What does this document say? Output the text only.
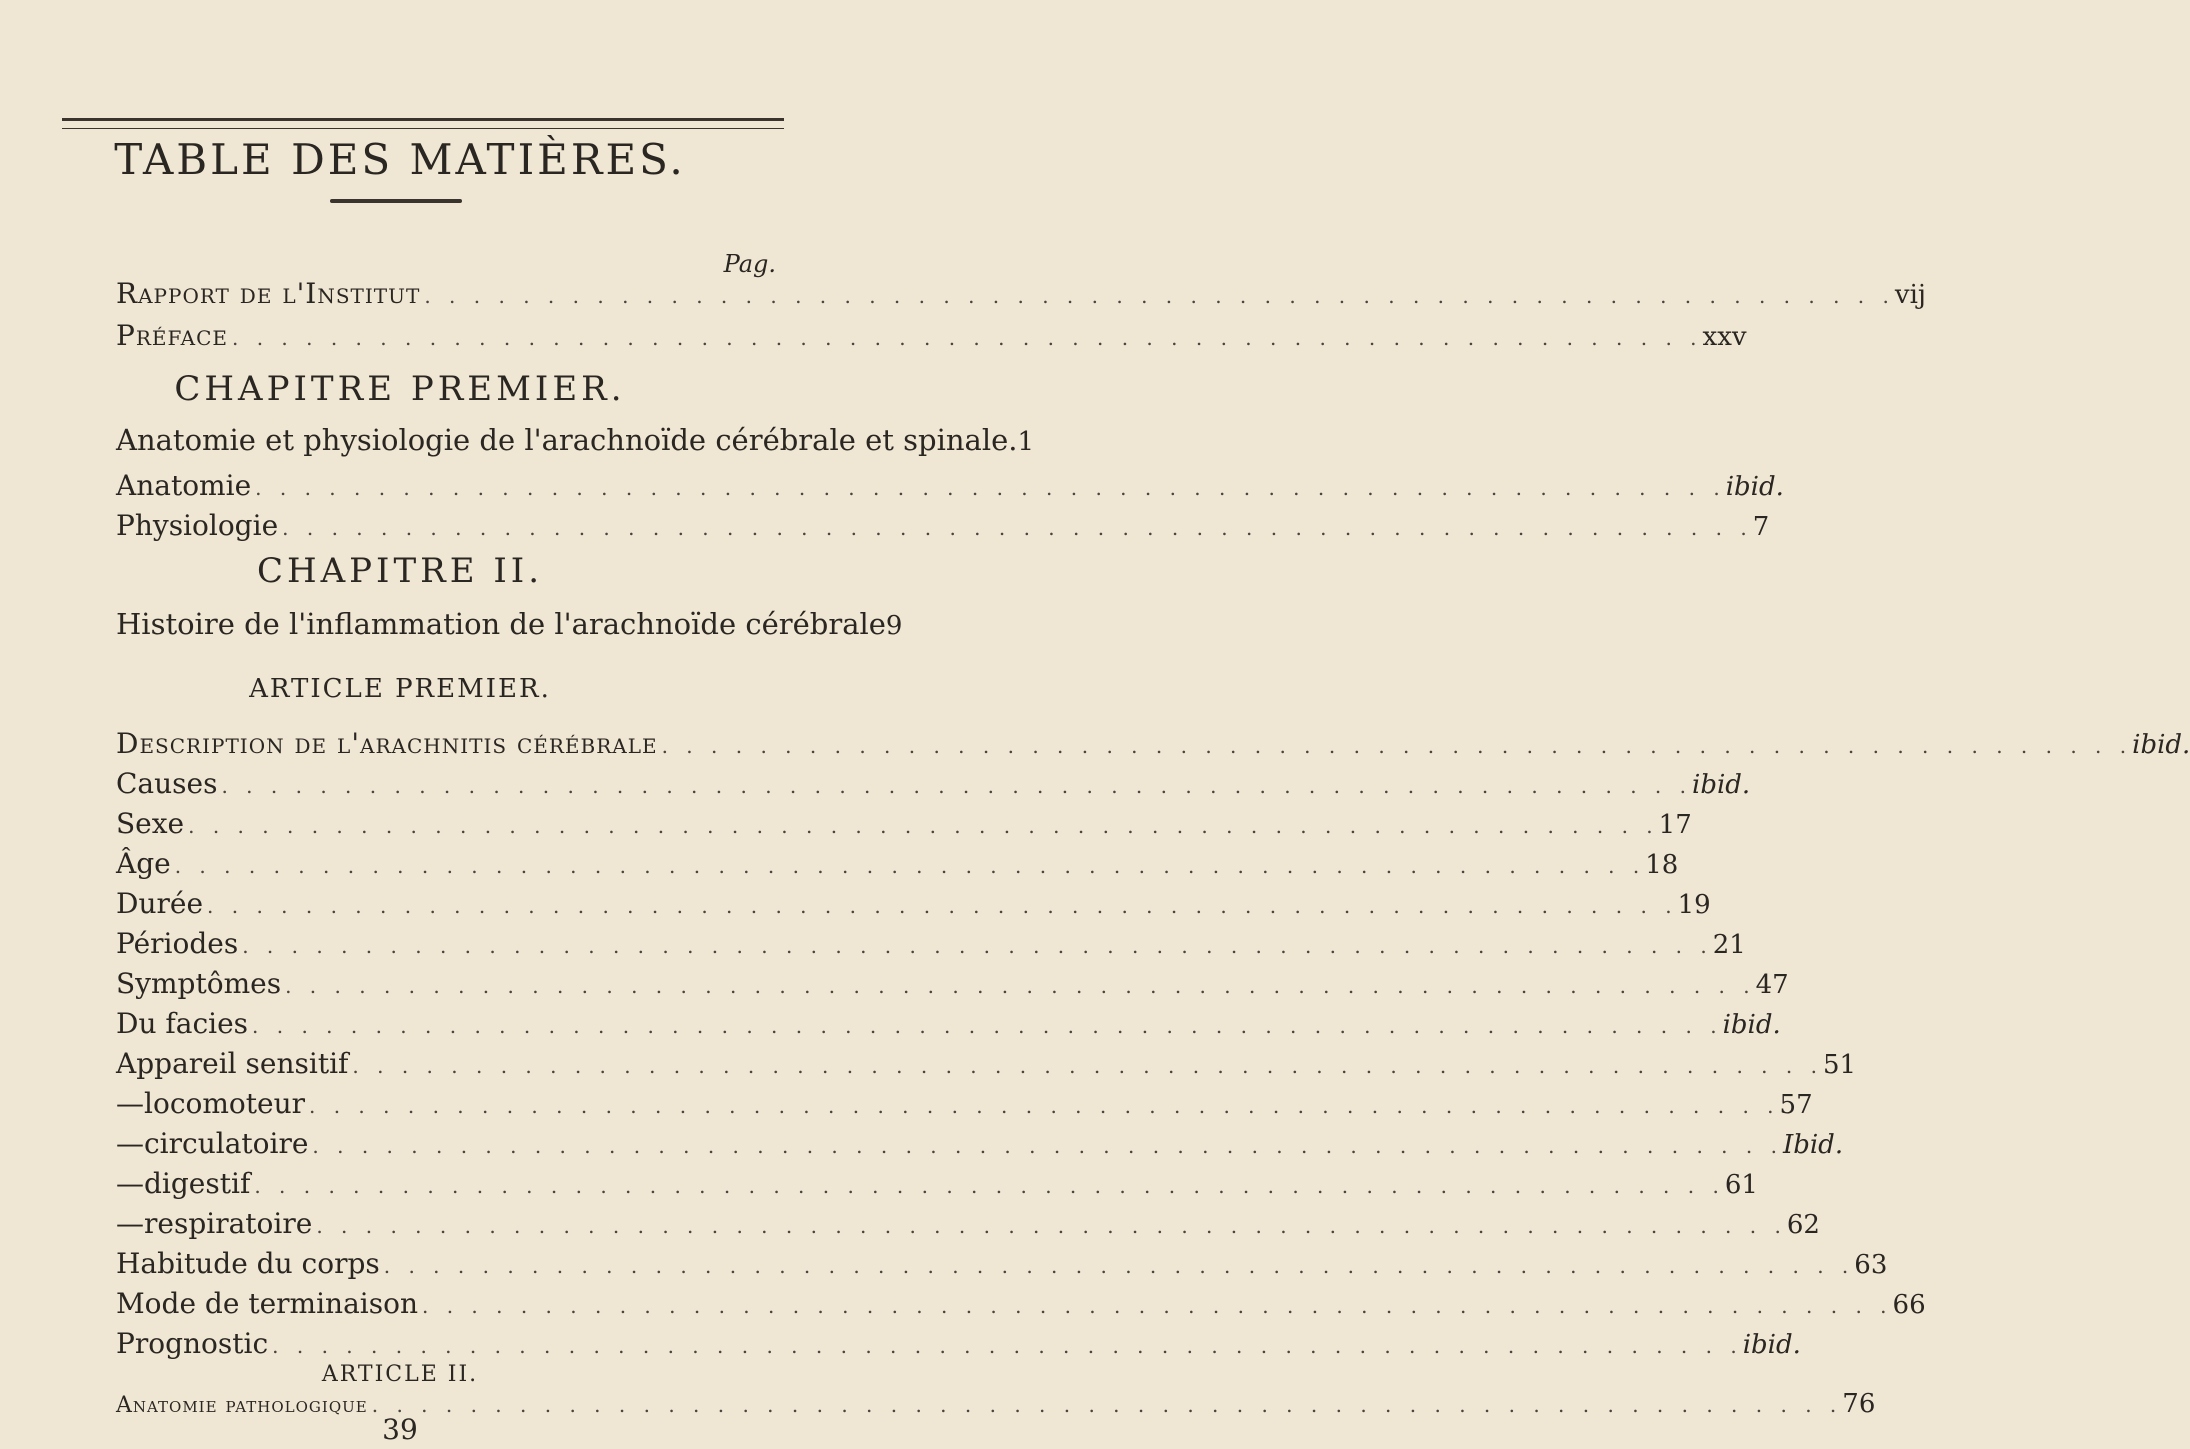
TABLE DES MATIÈRES.
Pag.
Rapport de l'Institut . . . . . . . . . . . . . . . . . . . . . . . . . . . . . . . . . . . . . . . . . . . . . . . . . . . . . . . . . . . . vij
Préface . . . . . . . . . . . . . . . . . . . . . . . . . . . . . . . . . . . . . . . . . . . . . . . . . . . . . . . . . . . . xxv
CHAPITRE PREMIER.
Anatomie et physiologie de l'arachnoïde cérébrale et spinale. 1
Anatomie . . . . . . . . . . . . . . . . . . . . . . . . . . . . . . . . . . . . . . . . . . . . . . . . . . . . . . . . . . . . ibid.
Physiologie . . . . . . . . . . . . . . . . . . . . . . . . . . . . . . . . . . . . . . . . . . . . . . . . . . . . . . . . . . . . 7
CHAPITRE II.
Histoire de l'inflammation de l'arachnoïde cérébrale 9
ARTICLE PREMIER.
Description de l'arachnitis cérébrale . . . . . . . . . . . . . . . . . . . . . . . . . . . . . . . . . . . . . . . . . . . . . . . . . . . . . . . . . . . . ibid.
Causes . . . . . . . . . . . . . . . . . . . . . . . . . . . . . . . . . . . . . . . . . . . . . . . . . . . . . . . . . . . . ibid.
Sexe . . . . . . . . . . . . . . . . . . . . . . . . . . . . . . . . . . . . . . . . . . . . . . . . . . . . . . . . . . . . 17
Âge . . . . . . . . . . . . . . . . . . . . . . . . . . . . . . . . . . . . . . . . . . . . . . . . . . . . . . . . . . . . 18
Durée . . . . . . . . . . . . . . . . . . . . . . . . . . . . . . . . . . . . . . . . . . . . . . . . . . . . . . . . . . . . 19
Périodes . . . . . . . . . . . . . . . . . . . . . . . . . . . . . . . . . . . . . . . . . . . . . . . . . . . . . . . . . . . . 21
Symptômes . . . . . . . . . . . . . . . . . . . . . . . . . . . . . . . . . . . . . . . . . . . . . . . . . . . . . . . . . . . . 47
Du facies . . . . . . . . . . . . . . . . . . . . . . . . . . . . . . . . . . . . . . . . . . . . . . . . . . . . . . . . . . . . ibid.
Appareil sensitif . . . . . . . . . . . . . . . . . . . . . . . . . . . . . . . . . . . . . . . . . . . . . . . . . . . . . . . . . . . . 51
— locomoteur . . . . . . . . . . . . . . . . . . . . . . . . . . . . . . . . . . . . . . . . . . . . . . . . . . . . . . . . . . . . 57
— circulatoire . . . . . . . . . . . . . . . . . . . . . . . . . . . . . . . . . . . . . . . . . . . . . . . . . . . . . . . . . . . . Ibid.
— digestif . . . . . . . . . . . . . . . . . . . . . . . . . . . . . . . . . . . . . . . . . . . . . . . . . . . . . . . . . . . . 61
— respiratoire . . . . . . . . . . . . . . . . . . . . . . . . . . . . . . . . . . . . . . . . . . . . . . . . . . . . . . . . . . . . 62
Habitude du corps . . . . . . . . . . . . . . . . . . . . . . . . . . . . . . . . . . . . . . . . . . . . . . . . . . . . . . . . . . . . 63
Mode de terminaison . . . . . . . . . . . . . . . . . . . . . . . . . . . . . . . . . . . . . . . . . . . . . . . . . . . . . . . . . . . . 66
Prognostic . . . . . . . . . . . . . . . . . . . . . . . . . . . . . . . . . . . . . . . . . . . . . . . . . . . . . . . . . . . . ibid.
ARTICLE II.
Anatomie pathologique . . . . . . . . . . . . . . . . . . . . . . . . . . . . . . . . . . . . . . . . . . . . . . . . . . . . . . . . . . . . 76
39
